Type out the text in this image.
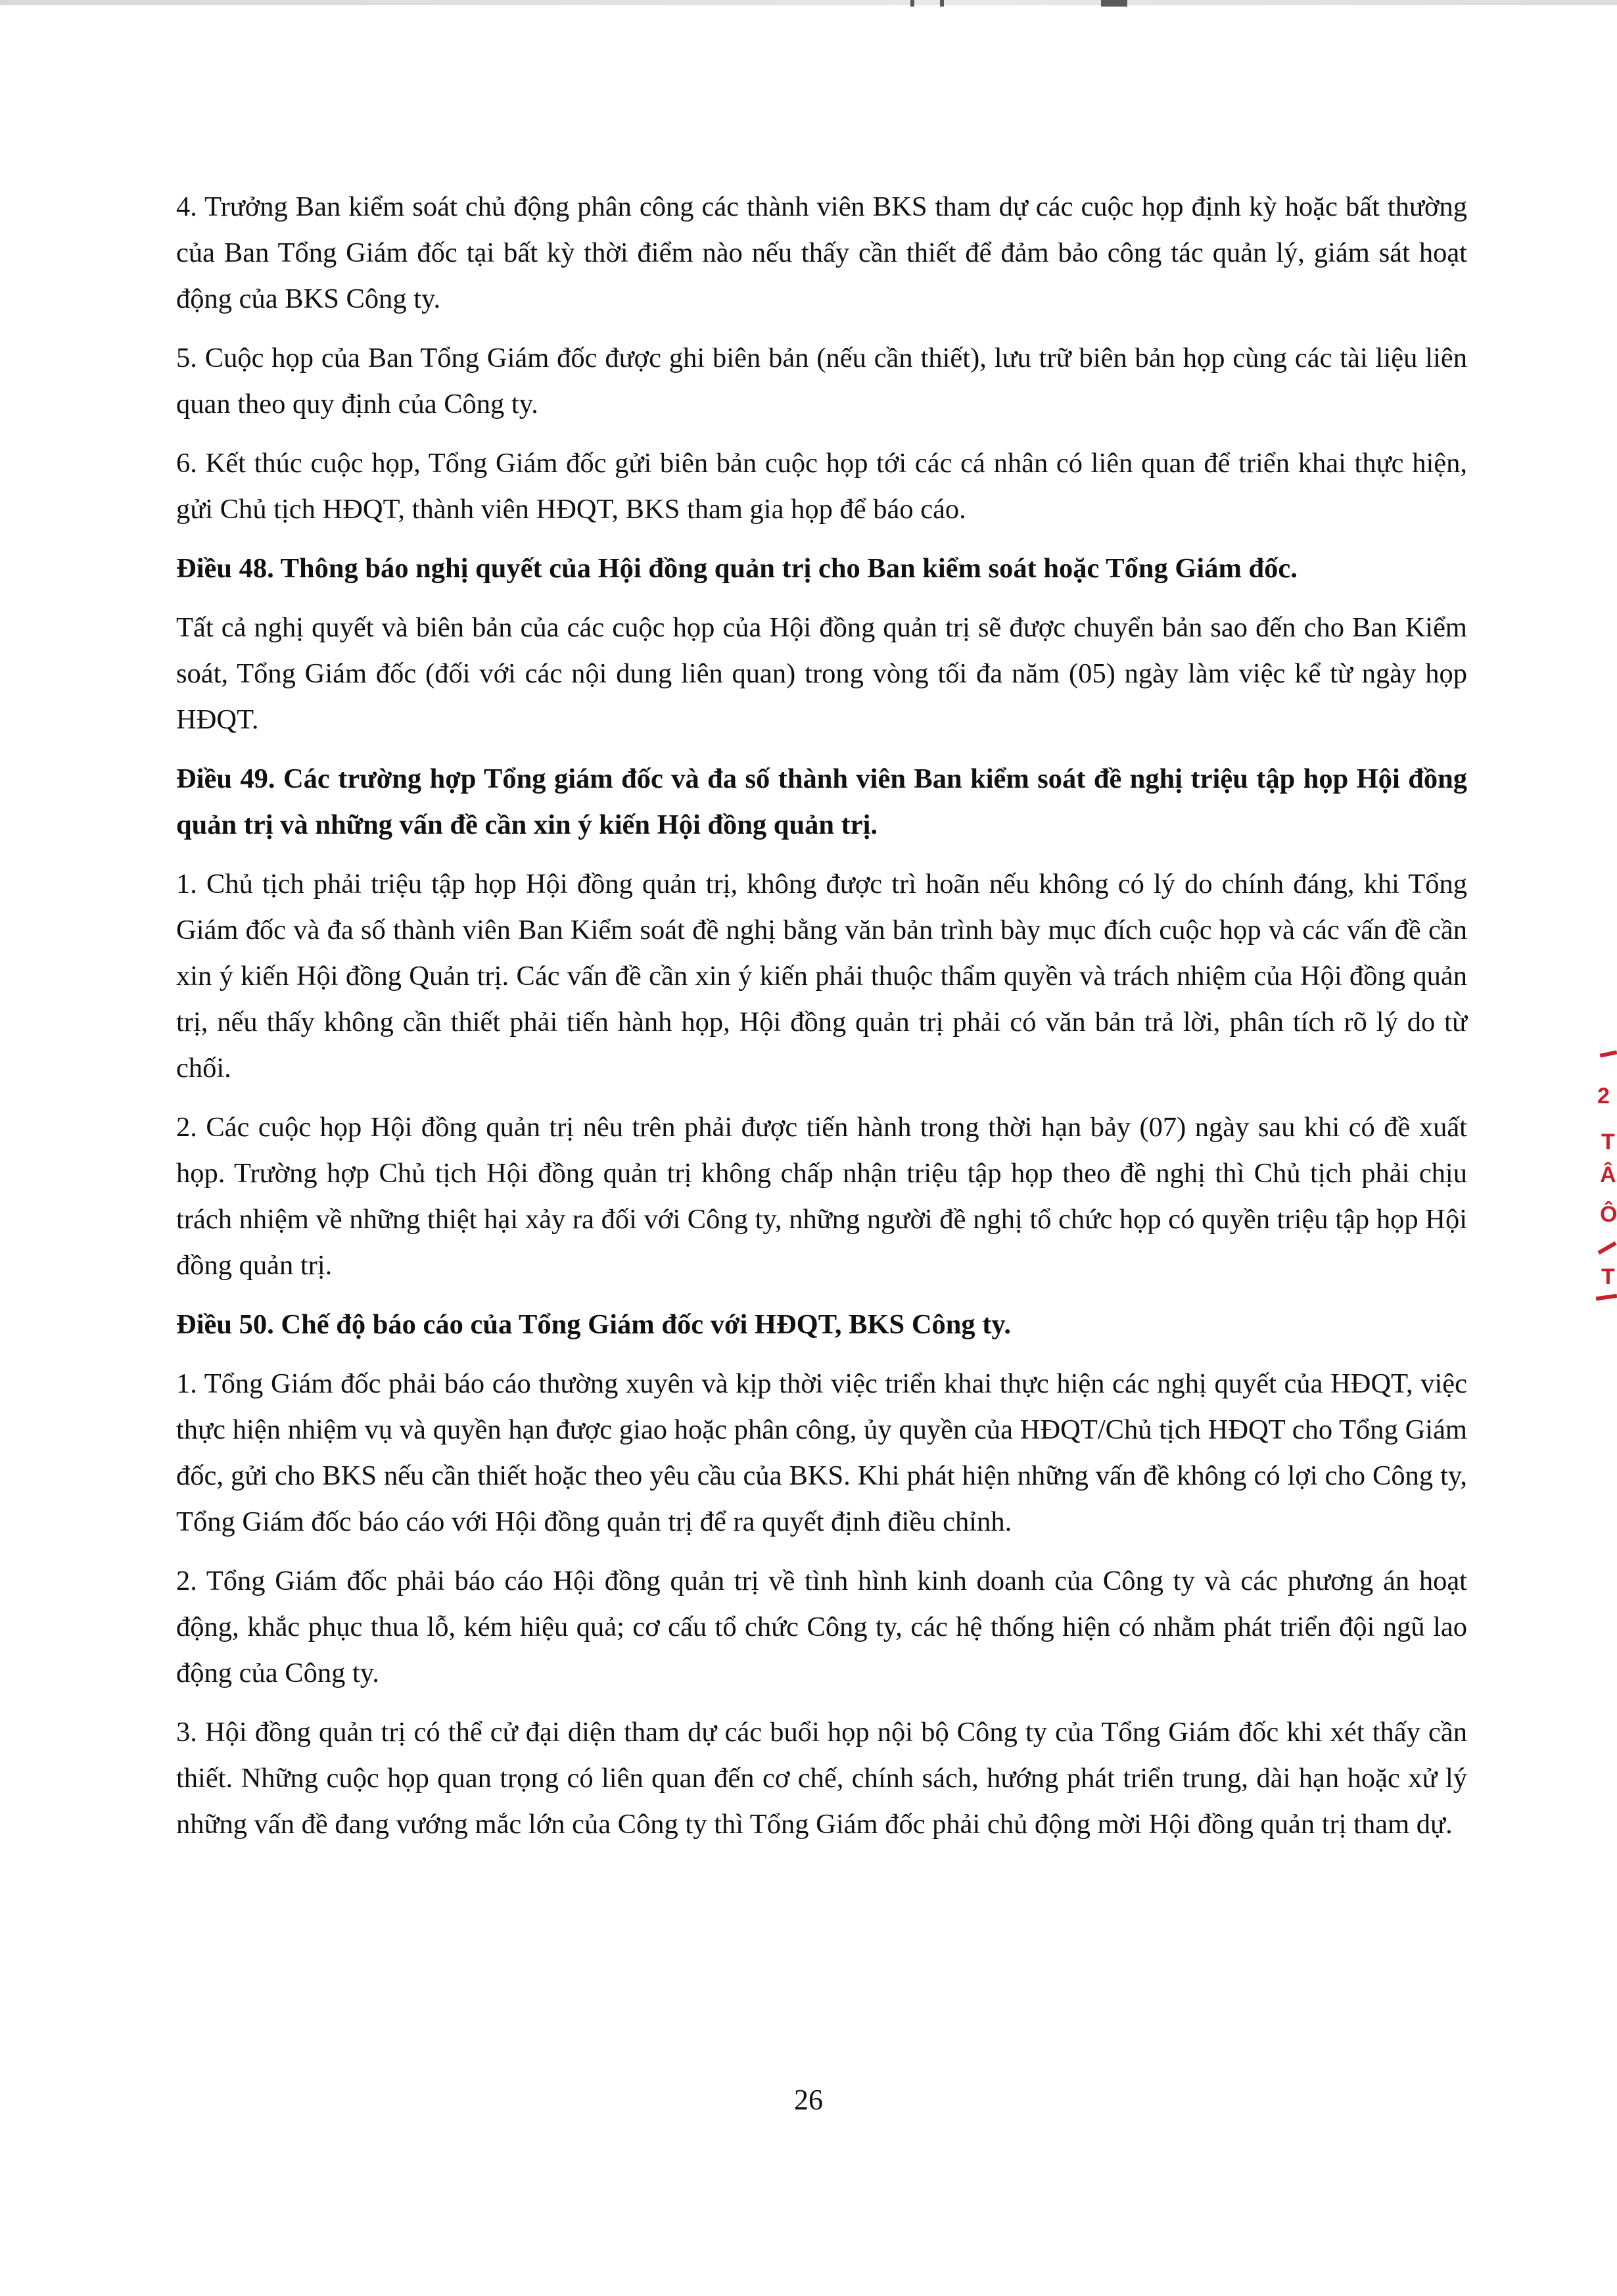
4. Trưởng Ban kiểm soát chủ động phân công các thành viên BKS tham dự các cuộc họp định kỳ hoặc bất thường của Ban Tổng Giám đốc tại bất kỳ thời điểm nào nếu thấy cần thiết để đảm bảo công tác quản lý, giám sát hoạt động của BKS Công ty.

5. Cuộc họp của Ban Tổng Giám đốc được ghi biên bản (nếu cần thiết), lưu trữ biên bản họp cùng các tài liệu liên quan theo quy định của Công ty.

6. Kết thúc cuộc họp, Tổng Giám đốc gửi biên bản cuộc họp tới các cá nhân có liên quan để triển khai thực hiện, gửi Chủ tịch HĐQT, thành viên HĐQT, BKS tham gia họp để báo cáo.

Điều 48. Thông báo nghị quyết của Hội đồng quản trị cho Ban kiểm soát hoặc Tổng Giám đốc.

Tất cả nghị quyết và biên bản của các cuộc họp của Hội đồng quản trị sẽ được chuyển bản sao đến cho Ban Kiểm soát, Tổng Giám đốc (đối với các nội dung liên quan) trong vòng tối đa năm (05) ngày làm việc kể từ ngày họp HĐQT.

Điều 49. Các trường hợp Tổng giám đốc và đa số thành viên Ban kiểm soát đề nghị triệu tập họp Hội đồng quản trị và những vấn đề cần xin ý kiến Hội đồng quản trị.

1. Chủ tịch phải triệu tập họp Hội đồng quản trị, không được trì hoãn nếu không có lý do chính đáng, khi Tổng Giám đốc và đa số thành viên Ban Kiểm soát đề nghị bằng văn bản trình bày mục đích cuộc họp và các vấn đề cần xin ý kiến Hội đồng Quản trị. Các vấn đề cần xin ý kiến phải thuộc thẩm quyền và trách nhiệm của Hội đồng quản trị, nếu thấy không cần thiết phải tiến hành họp, Hội đồng quản trị phải có văn bản trả lời, phân tích rõ lý do từ chối.

2. Các cuộc họp Hội đồng quản trị nêu trên phải được tiến hành trong thời hạn bảy (07) ngày sau khi có đề xuất họp. Trường hợp Chủ tịch Hội đồng quản trị không chấp nhận triệu tập họp theo đề nghị thì Chủ tịch phải chịu trách nhiệm về những thiệt hại xảy ra đối với Công ty, những người đề nghị tổ chức họp có quyền triệu tập họp Hội đồng quản trị.

Điều 50. Chế độ báo cáo của Tổng Giám đốc với HĐQT, BKS Công ty.

1. Tổng Giám đốc phải báo cáo thường xuyên và kịp thời việc triển khai thực hiện các nghị quyết của HĐQT, việc thực hiện nhiệm vụ và quyền hạn được giao hoặc phân công, ủy quyền của HĐQT/Chủ tịch HĐQT cho Tổng Giám đốc, gửi cho BKS nếu cần thiết hoặc theo yêu cầu của BKS. Khi phát hiện những vấn đề không có lợi cho Công ty, Tổng Giám đốc báo cáo với Hội đồng quản trị để ra quyết định điều chỉnh.

2. Tổng Giám đốc phải báo cáo Hội đồng quản trị về tình hình kinh doanh của Công ty và các phương án hoạt động, khắc phục thua lỗ, kém hiệu quả; cơ cấu tổ chức Công ty, các hệ thống hiện có nhằm phát triển đội ngũ lao động của Công ty.

3. Hội đồng quản trị có thể cử đại diện tham dự các buổi họp nội bộ Công ty của Tổng Giám đốc khi xét thấy cần thiết. Những cuộc họp quan trọng có liên quan đến cơ chế, chính sách, hướng phát triển trung, dài hạn hoặc xử lý những vấn đề đang vướng mắc lớn của Công ty thì Tổng Giám đốc phải chủ động mời Hội đồng quản trị tham dự.

26
2
T
Â
Ô
T
